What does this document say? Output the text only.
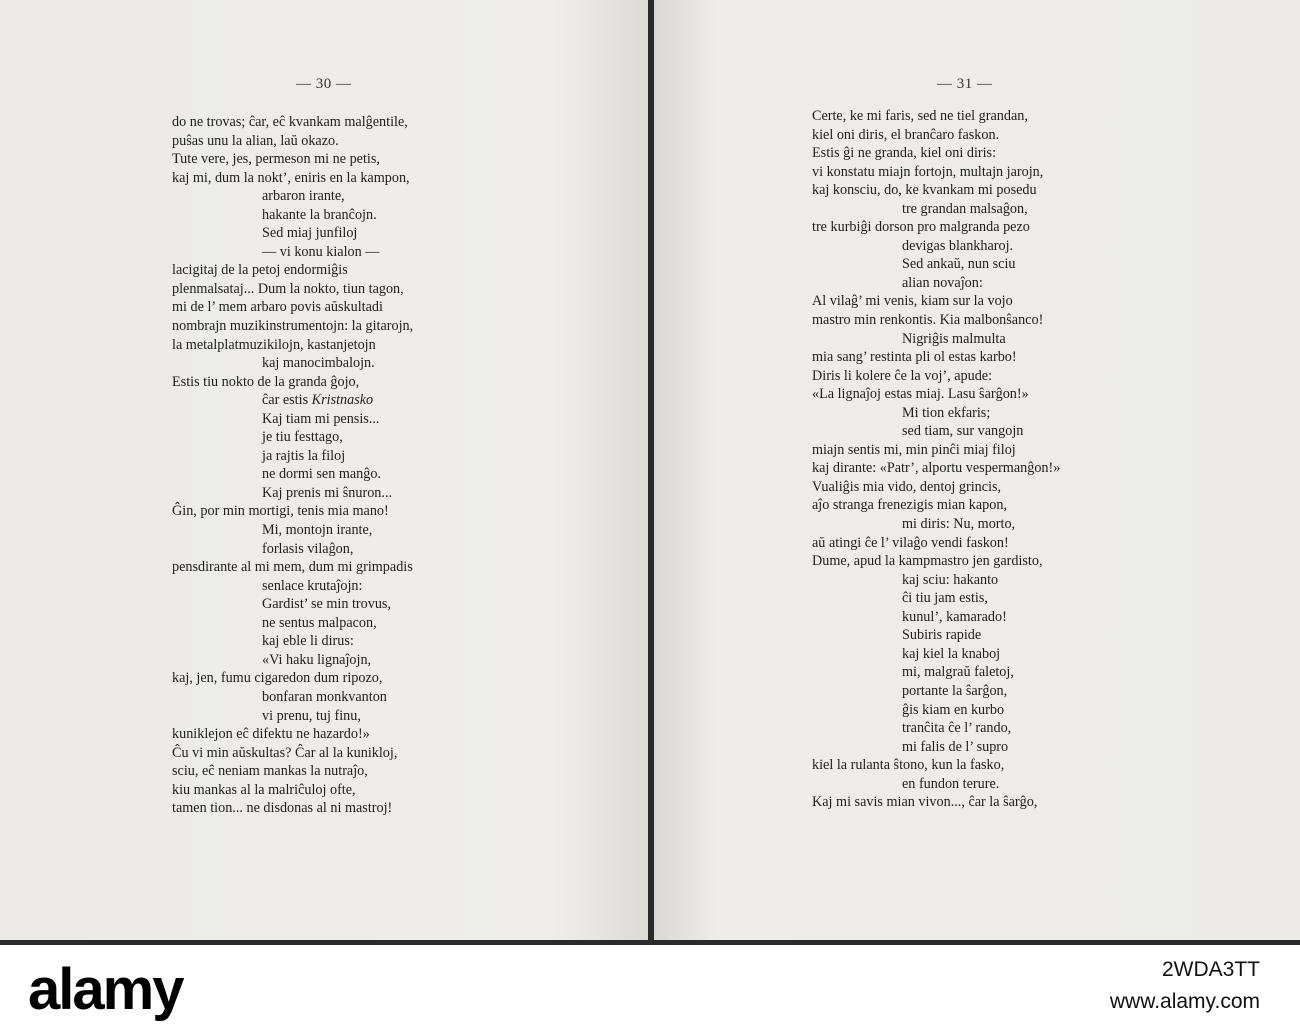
— 30 —
do ne trovas; ĉar, eĉ kvankam malĝentile,
puŝas unu la alian, laŭ okazo.
Tute vere, jes, permeson mi ne petis,
kaj mi, dum la nokt’, eniris en la kampon,
arbaron irante,
hakante la branĉojn.
Sed miaj junfiloj
— vi konu kialon —
lacigitaj de la petoj endormiĝis
plenmalsataj... Dum la nokto, tiun tagon,
mi de l’ mem arbaro povis aŭskultadi
nombrajn muzikinstrumentojn: la gitarojn,
la metalplatmuzikilojn, kastanjetojn
kaj manocimbalojn.
Estis tiu nokto de la granda ĝojo,
ĉar estis Kristnasko
Kaj tiam mi pensis...
je tiu festtago,
ja rajtis la filoj
ne dormi sen manĝo.
Kaj prenis mi ŝnuron...
Ĝin, por min mortigi, tenis mia mano!
Mi, montojn irante,
forlasis vilaĝon,
pensdirante al mi mem, dum mi grimpadis
senlace krutaĵojn:
Gardist’ se min trovus,
ne sentus malpacon,
kaj eble li dirus:
«Vi haku lignaĵojn,
kaj, jen, fumu cigaredon dum ripozo,
bonfaran monkvanton
vi prenu, tuj finu,
kuniklejon eĉ difektu ne hazardo!»
Ĉu vi min aŭskultas? Ĉar al la kunikloj,
sciu, eĉ neniam mankas la nutraĵo,
kiu mankas al la malriĉuloj ofte,
tamen tion... ne disdonas al ni mastroj!
— 31 —
Certe, ke mi faris, sed ne tiel grandan,
kiel oni diris, el branĉaro faskon.
Estis ĝi ne granda, kiel oni diris:
vi konstatu miajn fortojn, multajn jarojn,
kaj konsciu, do, ke kvankam mi posedu
tre grandan malsaĝon,
tre kurbiĝi dorson pro malgranda pezo
devigas blankharoj.
Sed ankaŭ, nun sciu
alian novaĵon:
Al vilaĝ’ mi venis, kiam sur la vojo
mastro min renkontis. Kia malbonŝanco!
Nigriĝis malmulta
mia sang’ restinta pli ol estas karbo!
Diris li kolere ĉe la voj’, apude:
«La lignaĵoj estas miaj. Lasu ŝarĝon!»
Mi tion ekfaris;
sed tiam, sur vangojn
miajn sentis mi, min pinĉi miaj filoj
kaj dirante: «Patr’, alportu vespermanĝon!»
Vualiĝis mia vido, dentoj grincis,
aĵo stranga frenezigis mian kapon,
mi diris: Nu, morto,
aŭ atingi ĉe l’ vilaĝo vendi faskon!
Dume, apud la kampmastro jen gardisto,
kaj sciu: hakanto
ĉi tiu jam estis,
kunul’, kamarado!
Subiris rapide
kaj kiel la knaboj
mi, malgraŭ faletoj,
portante la ŝarĝon,
ĝis kiam en kurbo
tranĉita ĉe l’ rando,
mi falis de l’ supro
kiel la rulanta ŝtono, kun la fasko,
en fundon terure.
Kaj mi savis mian vivon..., ĉar la ŝarĝo,
alamy	2WDA3TT
www.alamy.com
